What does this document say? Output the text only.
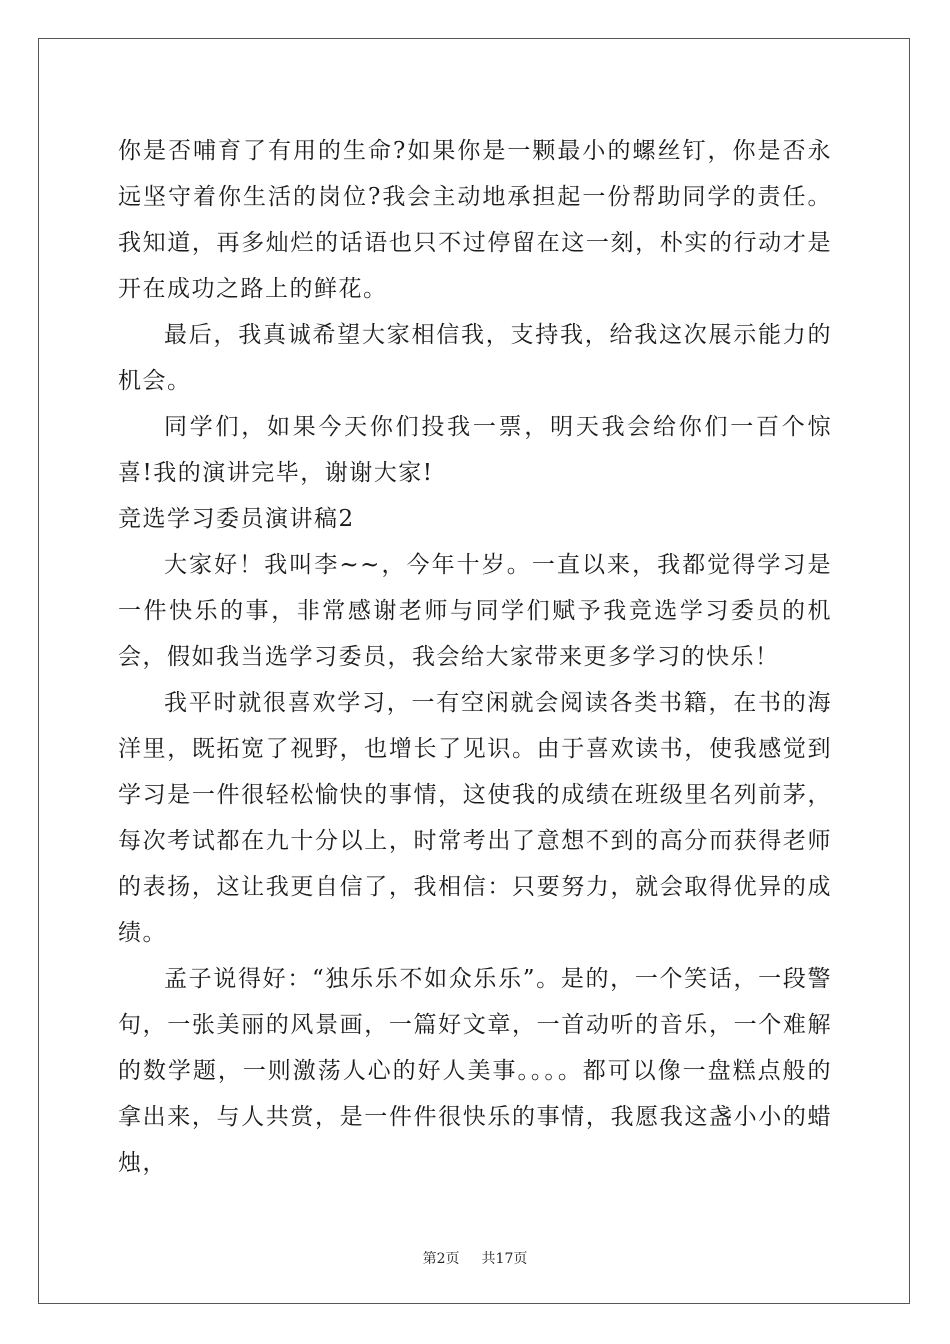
你是否哺育了有用的生命?如果你是一颗最小的螺丝钉，你是否永远坚守着你生活的岗位?我会主动地承担起一份帮助同学的责任。我知道，再多灿烂的话语也只不过停留在这一刻，朴实的行动才是开在成功之路上的鲜花。

最后，我真诚希望大家相信我，支持我，给我这次展示能力的机会。

同学们，如果今天你们投我一票，明天我会给你们一百个惊喜!我的演讲完毕，谢谢大家!

竞选学习委员演讲稿2

大家好！我叫李~~，今年十岁。一直以来，我都觉得学习是一件快乐的事，非常感谢老师与同学们赋予我竞选学习委员的机会，假如我当选学习委员，我会给大家带来更多学习的快乐！

我平时就很喜欢学习，一有空闲就会阅读各类书籍，在书的海洋里，既拓宽了视野，也增长了见识。由于喜欢读书，使我感觉到学习是一件很轻松愉快的事情，这使我的成绩在班级里名列前茅，每次考试都在九十分以上，时常考出了意想不到的高分而获得老师的表扬，这让我更自信了，我相信：只要努力，就会取得优异的成绩。

孟子说得好：“独乐乐不如众乐乐”。是的，一个笑话，一段警句，一张美丽的风景画，一篇好文章，一首动听的音乐，一个难解的数学题，一则激荡人心的好人美事。。。。都可以像一盘糕点般的拿出来，与人共赏，是一件件很快乐的事情，我愿我这盏小小的蜡烛，

第2页 共17页
